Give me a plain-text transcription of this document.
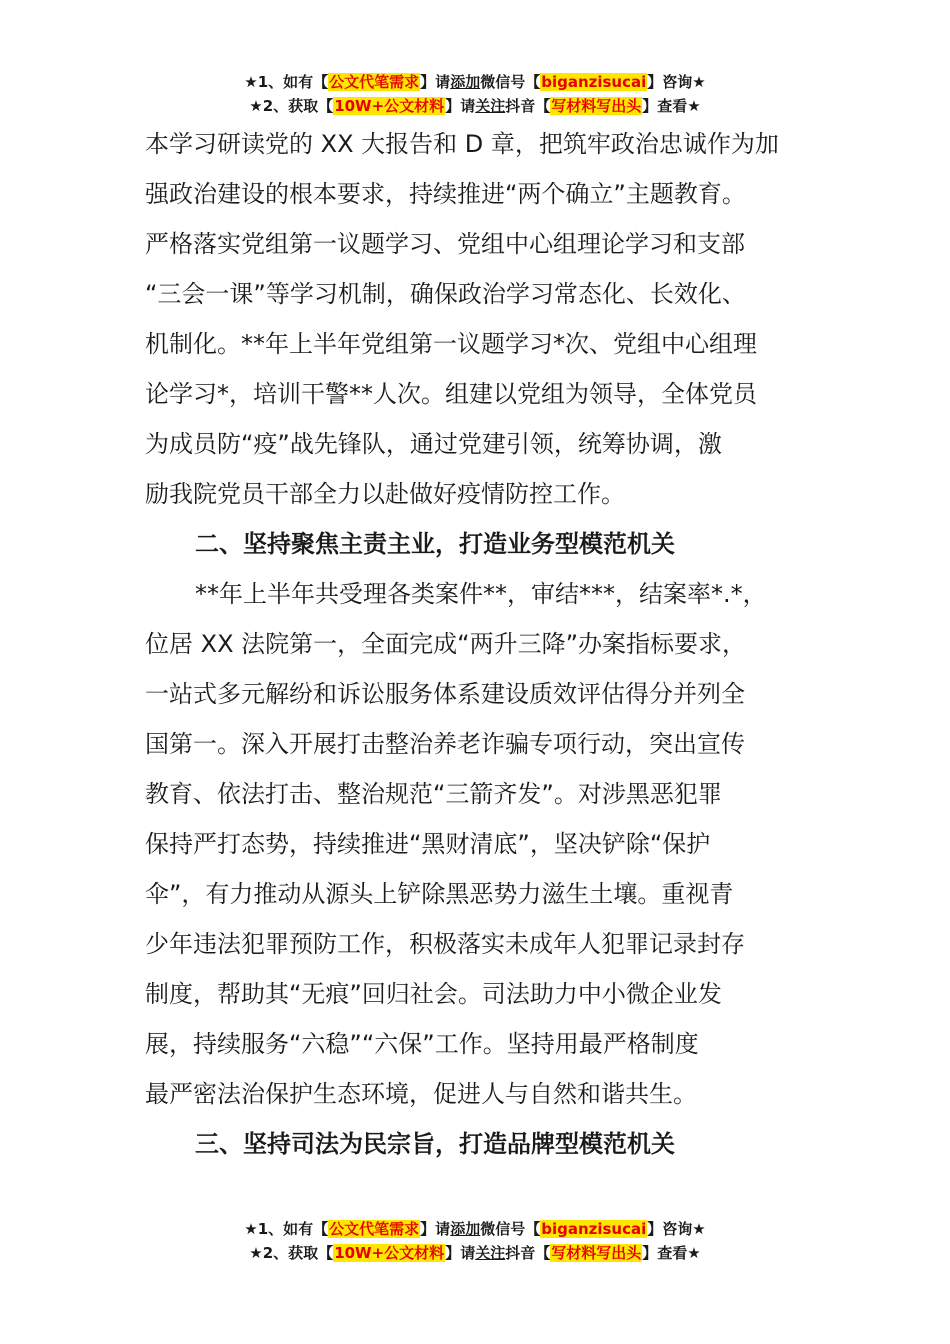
★1、如有【公文代笔需求】请添加微信号【biganzisucai】咨询★
★2、获取【10W+公文材料】请关注抖音【写材料写出头】查看★
本学习研读党的 XX 大报告和 D 章，把筑牢政治忠诚作为加
强政治建设的根本要求，持续推进“两个确立”主题教育。
严格落实党组第一议题学习、党组中心组理论学习和支部
“三会一课”等学习机制，确保政治学习常态化、长效化、
机制化。**年上半年党组第一议题学习*次、党组中心组理
论学习*，培训干警**人次。组建以党组为领导，全体党员
为成员防“疫”战先锋队，通过党建引领，统筹协调，激
励我院党员干部全力以赴做好疫情防控工作。
二、坚持聚焦主责主业，打造业务型模范机关
**年上半年共受理各类案件**，审结***，结案率*.*，
位居 XX 法院第一，全面完成“两升三降”办案指标要求，
一站式多元解纷和诉讼服务体系建设质效评估得分并列全
国第一。深入开展打击整治养老诈骗专项行动，突出宣传
教育、依法打击、整治规范“三箭齐发”。对涉黑恶犯罪
保持严打态势，持续推进“黑财清底”，坚决铲除“保护
伞”，有力推动从源头上铲除黑恶势力滋生土壤。重视青
少年违法犯罪预防工作，积极落实未成年人犯罪记录封存
制度，帮助其“无痕”回归社会。司法助力中小微企业发
展，持续服务“六稳”“六保”工作。坚持用最严格制度
最严密法治保护生态环境，促进人与自然和谐共生。
三、坚持司法为民宗旨，打造品牌型模范机关
★1、如有【公文代笔需求】请添加微信号【biganzisucai】咨询★
★2、获取【10W+公文材料】请关注抖音【写材料写出头】查看★
